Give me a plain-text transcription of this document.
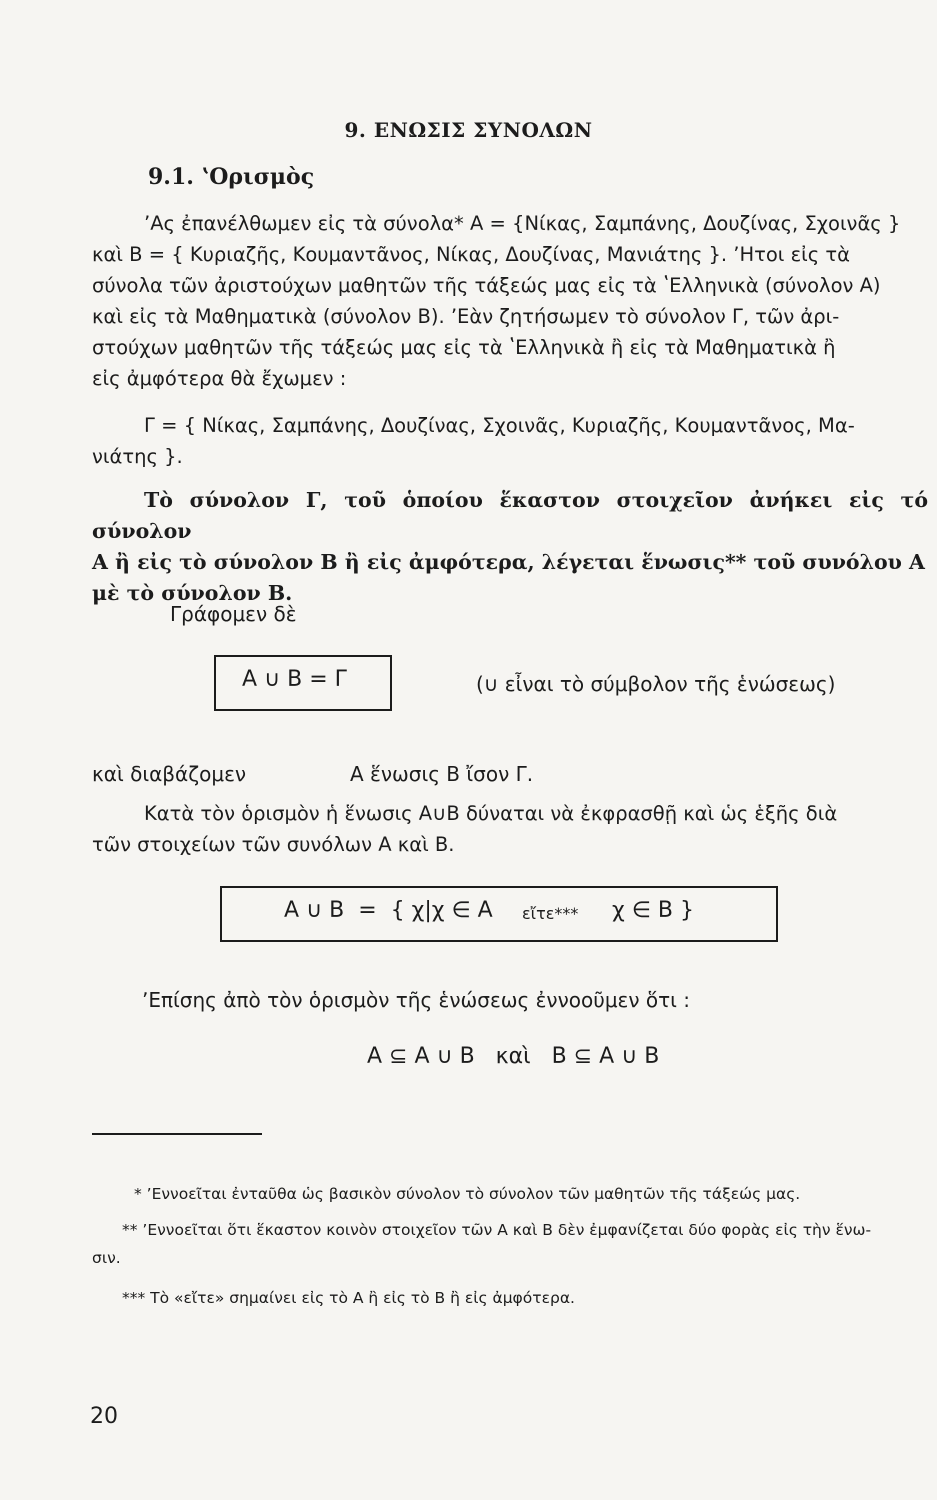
9. ΕΝΩΣΙΣ ΣΥΝΟΛΩΝ
9.1. ʽΟρισμὸς
ʼΑς ἐπανέλθωμεν εἰς τὰ σύνολα* Α = {Νίκας, Σαμπάνης, Δουζίνας, Σχοινᾶς }
καὶ Β = { Κυριαζῆς, Κουμαντᾶνος, Νίκας, Δουζίνας, Μανιάτης }. ʼΗτοι εἰς τὰ
σύνολα τῶν ἀριστούχων μαθητῶν τῆς τάξεώς μας εἰς τὰ ʽΕλληνικὰ (σύνολον Α)
καὶ εἰς τὰ Μαθηματικὰ (σύνολον Β). ʼΕὰν ζητήσωμεν τὸ σύνολον Γ, τῶν ἀρι-
στούχων μαθητῶν τῆς τάξεώς μας εἰς τὰ ʽΕλληνικὰ ἢ εἰς τὰ Μαθηματικὰ ἢ
εἰς ἀμφότερα θὰ ἔχωμεν :
Γ = { Νίκας, Σαμπάνης, Δουζίνας, Σχοινᾶς, Κυριαζῆς, Κουμαντᾶνος, Μα-
νιάτης }.
Τὸ σύνολον Γ, τοῦ ὁποίου ἕκαστον στοιχεῖον ἀνήκει εἰς τό σύνολον
Α ἢ εἰς τὸ σύνολον Β ἢ εἰς ἀμφότερα, λέγεται ἕνωσις** τοῦ συνόλου Α
μὲ τὸ σύνολον Β.
Γράφομεν δὲ
Α ∪ Β = Γ	(∪ εἶναι τὸ σύμβολον τῆς ἑνώσεως)
καὶ διαβάζομεν	Α ἕνωσις Β ἴσον Γ.
Κατὰ τὸν ὁρισμὸν ἡ ἕνωσις Α∪Β δύναται νὰ ἐκφρασθῇ καὶ ὡς ἑξῆς διὰ
τῶν στοιχείων τῶν συνόλων Α καὶ Β.
Α ∪ Β  =  { χ|χ ∈ Α εἴτε*** χ ∈ Β }
ʼΕπίσης ἀπὸ τὸν ὁρισμὸν τῆς ἑνώσεως ἐννοοῦμεν ὅτι :
Α ⊆ Α ∪ Β   καὶ   Β ⊆ Α ∪ Β
* ʼΕννοεῖται ἐνταῦθα ὡς βασικὸν σύνολον τὸ σύνολον τῶν μαθητῶν τῆς τάξεώς μας.
** ʼΕννοεῖται ὅτι ἕκαστον κοινὸν στοιχεῖον τῶν Α καὶ Β δὲν ἐμφανίζεται δύο φορὰς εἰς τὴν ἕνω-
σιν.
*** Τὸ «εἴτε» σημαίνει εἰς τὸ Α ἢ εἰς τὸ Β ἢ εἰς ἀμφότερα.
20
